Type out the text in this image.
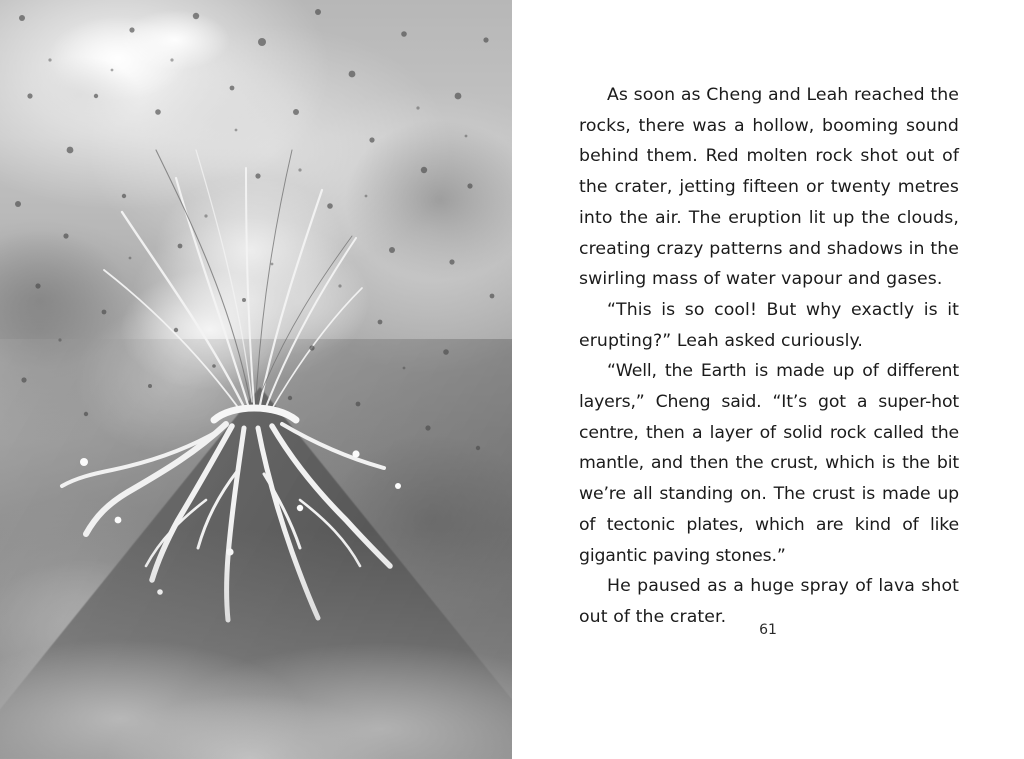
As soon as Cheng and Leah reached the rocks, there was a hollow, booming sound behind them. Red molten rock shot out of the crater, jetting fifteen or twenty metres into the air. The eruption lit up the clouds, creating crazy patterns and shadows in the swirling mass of water vapour and gases.

“This is so cool! But why exactly is it erupting?” Leah asked curiously.

“Well, the Earth is made up of different layers,” Cheng said. “It’s got a super-hot centre, then a layer of solid rock called the mantle, and then the crust, which is the bit we’re all standing on. The crust is made up of tectonic plates, which are kind of like gigantic paving stones.”

He paused as a huge spray of lava shot out of the crater.

61
